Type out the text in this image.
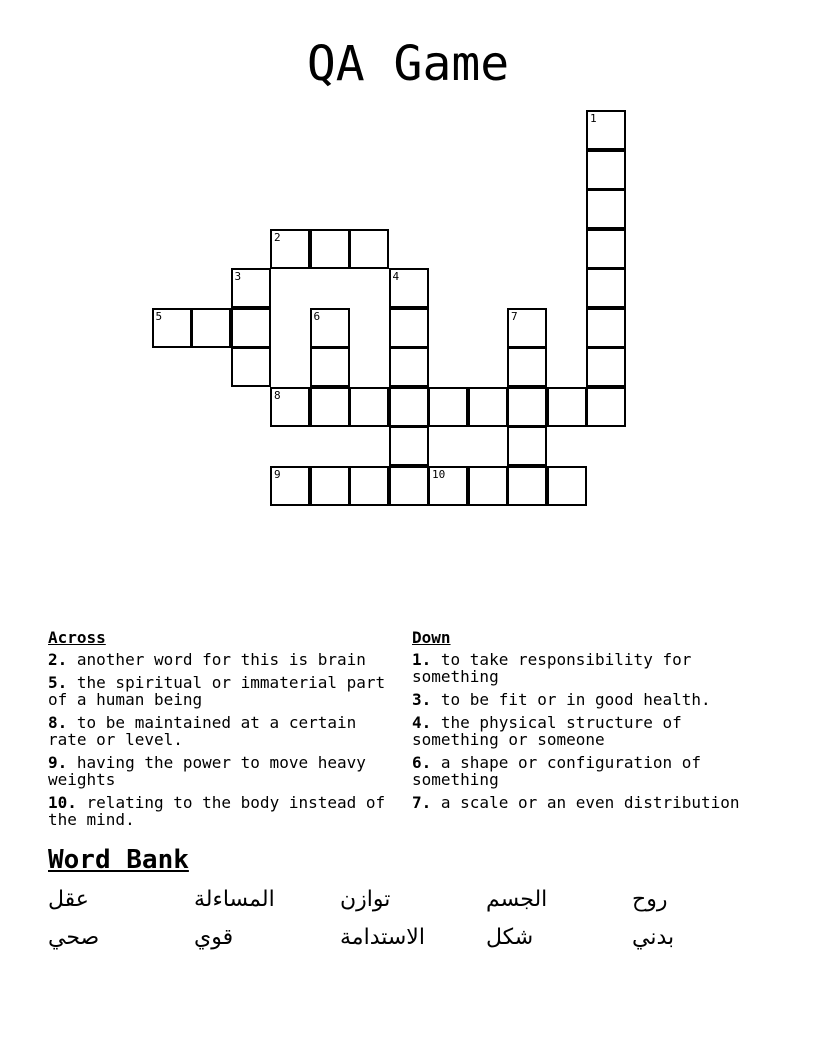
QA Game
1
2
3	4
5	6	7
8
9	10
Across
2. another word for this is brain
5. the spiritual or immaterial part of a human being
8. to be maintained at a certain rate or level.
9. having the power to move heavy weights
10. relating to the body instead of the mind.
Down
1. to take responsibility for something
3. to be fit or in good health.
4. the physical structure of something or someone
6. a shape or configuration of something
7. a scale or an even distribution
Word Bank
عقل	المساءلة	توازن	الجسم	روح
صحي	قوي	الاستدامة	شكل	بدني
